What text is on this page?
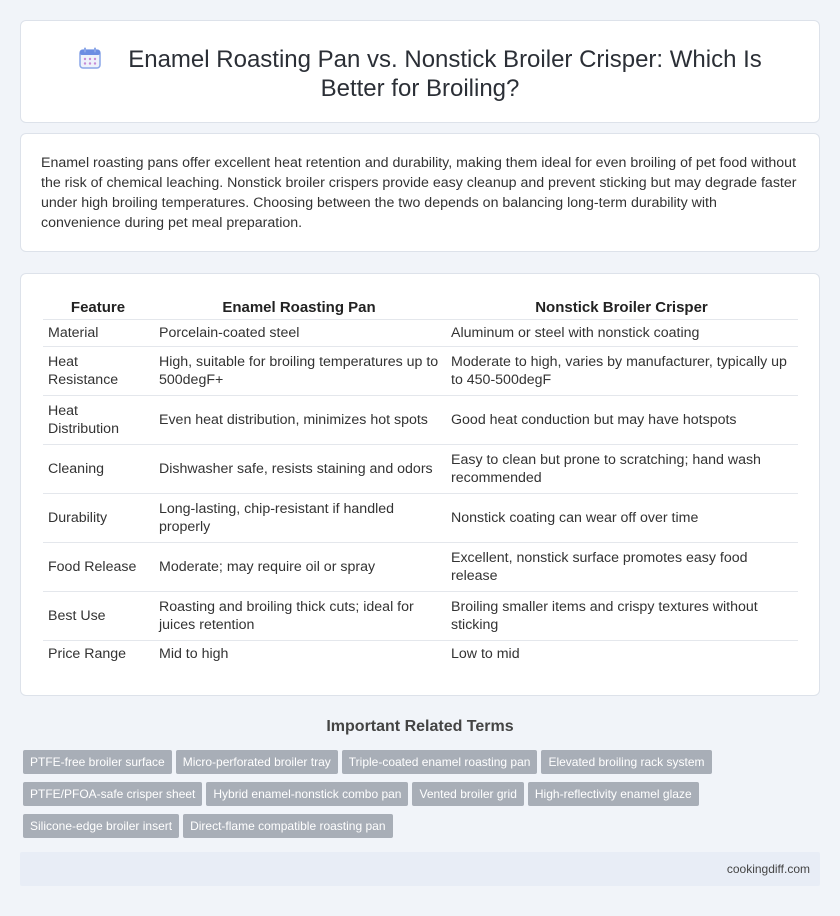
Enamel Roasting Pan vs. Nonstick Broiler Crisper: Which Is Better for Broiling?

Enamel roasting pans offer excellent heat retention and durability, making them ideal for even broiling of pet food without the risk of chemical leaching. Nonstick broiler crispers provide easy cleanup and prevent sticking but may degrade faster under high broiling temperatures. Choosing between the two depends on balancing long-term durability with convenience during pet meal preparation.

Feature	Enamel Roasting Pan	Nonstick Broiler Crisper
Material	Porcelain-coated steel	Aluminum or steel with nonstick coating
Heat Resistance	High, suitable for broiling temperatures up to 500degF+	Moderate to high, varies by manufacturer, typically up to 450-500degF
Heat Distribution	Even heat distribution, minimizes hot spots	Good heat conduction but may have hotspots
Cleaning	Dishwasher safe, resists staining and odors	Easy to clean but prone to scratching; hand wash recommended
Durability	Long-lasting, chip-resistant if handled properly	Nonstick coating can wear off over time
Food Release	Moderate; may require oil or spray	Excellent, nonstick surface promotes easy food release
Best Use	Roasting and broiling thick cuts; ideal for juices retention	Broiling smaller items and crispy textures without sticking
Price Range	Mid to high	Low to mid
Important Related Terms
PTFE-free broiler surface Micro-perforated broiler tray Triple-coated enamel roasting pan Elevated broiling rack systemPTFE/PFOA-safe crisper sheet Hybrid enamel-nonstick combo pan Vented broiler grid High-reflectivity enamel glazeSilicone-edge broiler insert Direct-flame compatible roasting pan
cookingdiff.com
